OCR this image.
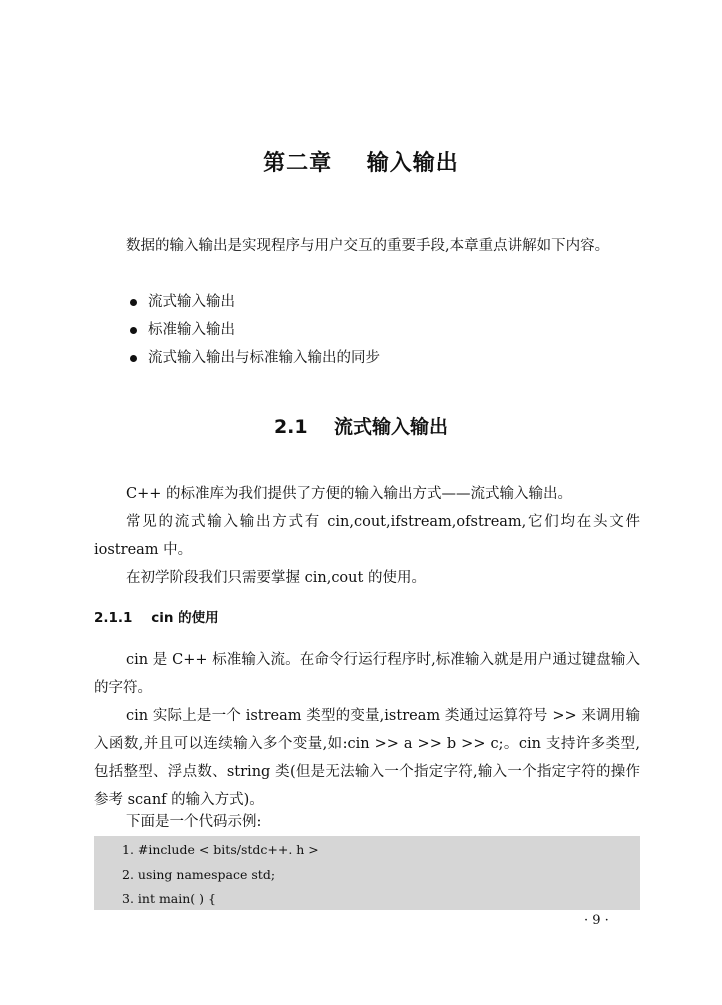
第二章    输入输出
数据的输入输出是实现程序与用户交互的重要手段,本章重点讲解如下内容。
流式输入输出
标准输入输出
流式输入输出与标准输入输出的同步
2.1    流式输入输出
C++ 的标准库为我们提供了方便的输入输出方式——流式输入输出。
常见的流式输入输出方式有 cin,cout,ifstream,ofstream,它们均在头文件 iostream 中。
在初学阶段我们只需要掌握 cin,cout 的使用。
2.1.1    cin 的使用
cin 是 C++ 标准输入流。在命令行运行程序时,标准输入就是用户通过键盘输入的字符。
cin 实际上是一个 istream 类型的变量,istream 类通过运算符号 >> 来调用输入函数,并且可以连续输入多个变量,如:cin >> a >> b >> c;。cin 支持许多类型,包括整型、浮点数、string 类(但是无法输入一个指定字符,输入一个指定字符的操作参考 scanf 的输入方式)。
下面是一个代码示例:
1. #include < bits/stdc++. h >
2. using namespace std;
3. int main( ) {
· 9 ·
